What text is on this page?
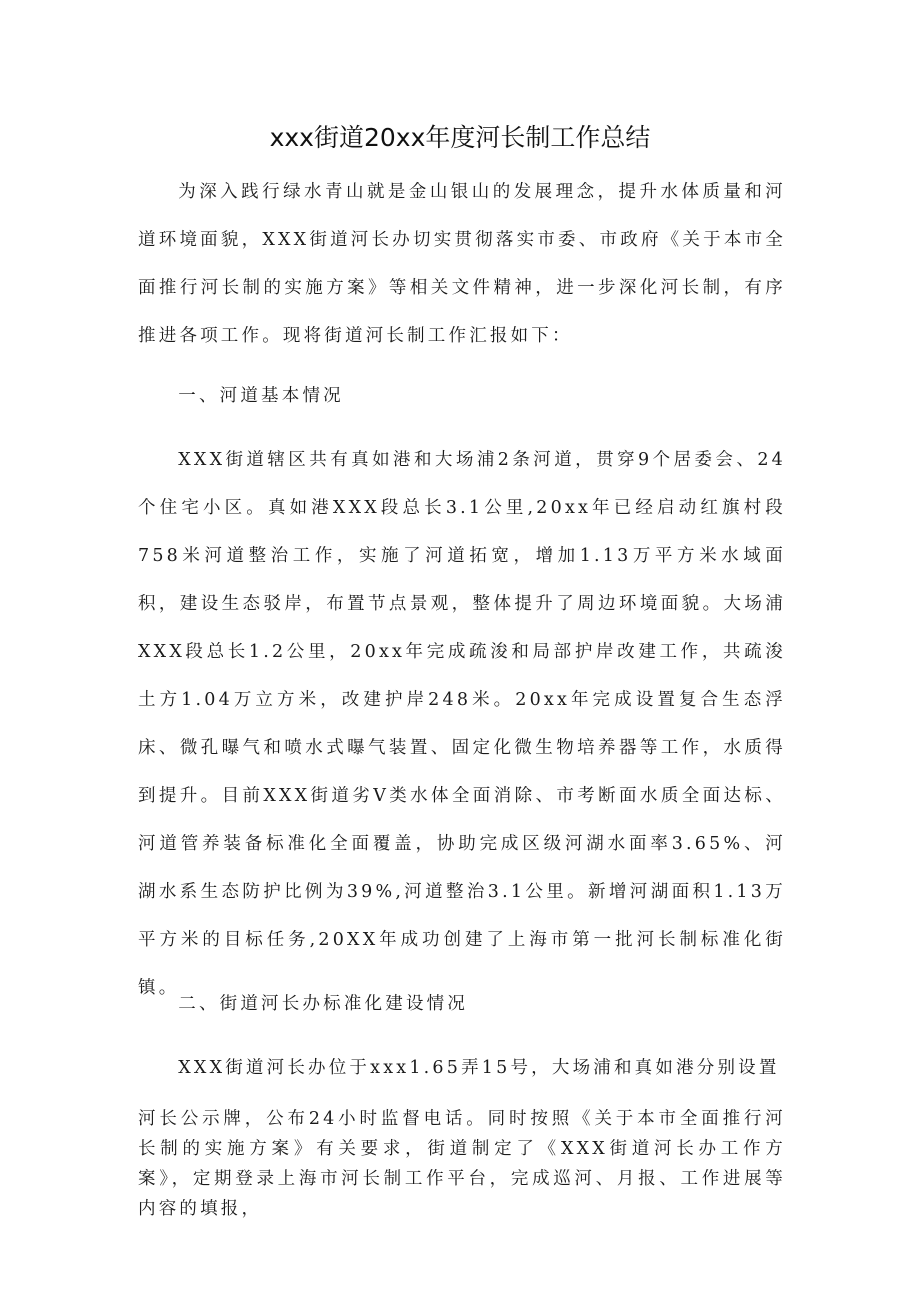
xxx街道20xx年度河长制工作总结

为深入践行绿水青山就是金山银山的发展理念，提升水体质量和河道环境面貌，XXX街道河长办切实贯彻落实市委、市政府《关于本市全面推行河长制的实施方案》等相关文件精神，进一步深化河长制，有序推进各项工作。现将街道河长制工作汇报如下：

一、河道基本情况

XXX街道辖区共有真如港和大场浦2条河道，贯穿9个居委会、24个住宅小区。真如港XXX段总长3.1公里,20xx年已经启动红旗村段758米河道整治工作，实施了河道拓宽，增加1.13万平方米水域面积，建设生态驳岸，布置节点景观，整体提升了周边环境面貌。大场浦XXX段总长1.2公里，20xx年完成疏浚和局部护岸改建工作，共疏浚土方1.04万立方米，改建护岸248米。20xx年完成设置复合生态浮床、微孔曝气和喷水式曝气装置、固定化微生物培养器等工作，水质得到提升。目前XXX街道劣Ⅴ类水体全面消除、市考断面水质全面达标、河道管养装备标准化全面覆盖，协助完成区级河湖水面率3.65%、河湖水系生态防护比例为39%,河道整治3.1公里。新增河湖面积1.13万平方米的目标任务,20XX年成功创建了上海市第一批河长制标准化街镇。

二、街道河长办标准化建设情况

XXX街道河长办位于xxx1.65弄15号，大场浦和真如港分别设置

河长公示牌，公布24小时监督电话。同时按照《关于本市全面推行河长制的实施方案》有关要求，街道制定了《XXX街道河长办工作方案》，定期登录上海市河长制工作平台，完成巡河、月报、工作进展等内容的填报，
